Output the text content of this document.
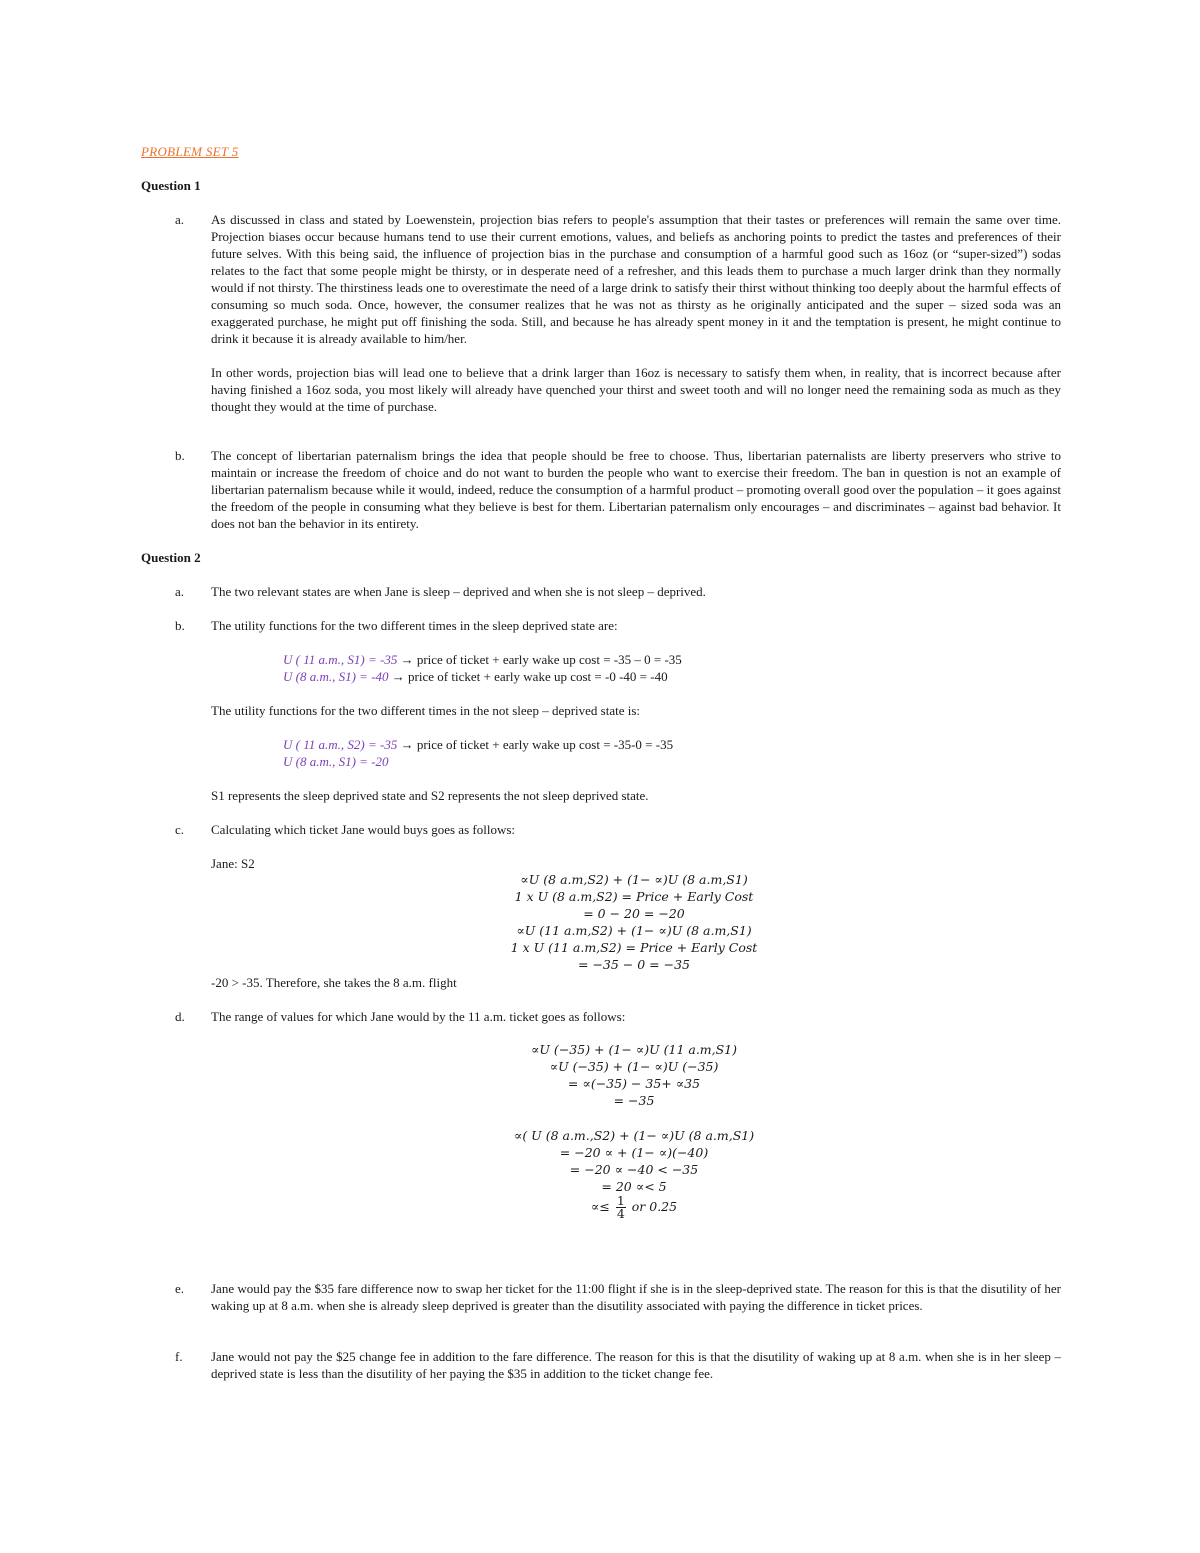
PROBLEM SET 5
Question 1
a. As discussed in class and stated by Loewenstein, projection bias refers to people's assumption that their tastes or preferences will remain the same over time. Projection biases occur because humans tend to use their current emotions, values, and beliefs as anchoring points to predict the tastes and preferences of their future selves. With this being said, the influence of projection bias in the purchase and consumption of a harmful good such as 16oz (or “super-sized”) sodas relates to the fact that some people might be thirsty, or in desperate need of a refresher, and this leads them to purchase a much larger drink than they normally would if not thirsty. The thirstiness leads one to overestimate the need of a large drink to satisfy their thirst without thinking too deeply about the harmful effects of consuming so much soda. Once, however, the consumer realizes that he was not as thirsty as he originally anticipated and the super – sized soda was an exaggerated purchase, he might put off finishing the soda. Still, and because he has already spent money in it and the temptation is present, he might continue to drink it because it is already available to him/her.

In other words, projection bias will lead one to believe that a drink larger than 16oz is necessary to satisfy them when, in reality, that is incorrect because after having finished a 16oz soda, you most likely will already have quenched your thirst and sweet tooth and will no longer need the remaining soda as much as they thought they would at the time of purchase.

b. The concept of libertarian paternalism brings the idea that people should be free to choose. Thus, libertarian paternalists are liberty preservers who strive to maintain or increase the freedom of choice and do not want to burden the people who want to exercise their freedom. The ban in question is not an example of libertarian paternalism because while it would, indeed, reduce the consumption of a harmful product – promoting overall good over the population – it goes against the freedom of the people in consuming what they believe is best for them. Libertarian paternalism only encourages – and discriminates – against bad behavior. It does not ban the behavior in its entirety.
Question 2
a. The two relevant states are when Jane is sleep – deprived and when she is not sleep – deprived.
b. The utility functions for the two different times in the sleep deprived state are:
U ( 11 a.m., S1) = -35 → price of ticket + early wake up cost = -35 – 0 = -35
U (8 a.m., S1) = -40 → price of ticket + early wake up cost = -0 -40 = -40
The utility functions for the two different times in the not sleep – deprived state is:
U ( 11 a.m., S2) = -35 → price of ticket + early wake up cost = -35-0 = -35
U (8 a.m., S1) = -20
S1 represents the sleep deprived state and S2 represents the not sleep deprived state.
c. Calculating which ticket Jane would buys goes as follows:
Jane: S2
∝U (8 a.m,S2) + (1− ∝)U (8 a.m,S1)
1 x U (8 a.m,S2) = Price + Early Cost
= 0 − 20 = −20
∝U (11 a.m,S2) + (1− ∝)U (8 a.m,S1)
1 x U (11 a.m,S2) = Price + Early Cost
= −35 − 0 = −35
-20 > -35. Therefore, she takes the 8 a.m. flight
d. The range of values for which Jane would by the 11 a.m. ticket goes as follows:
∝U (−35) + (1− ∝)U (11 a.m,S1)
∝U (−35) + (1− ∝)U (−35)
= ∝(−35) − 35+ ∝35
= −35
∝( U (8 a.m.,S2) + (1− ∝)U (8 a.m,S1)
= −20 ∝ + (1− ∝)(−40)
= −20 ∝ −40 < −35
= 20 ∝< 5
∝≤ $\frac{1}{4}$ or 0.25
e. Jane would pay the $35 fare difference now to swap her ticket for the 11:00 flight if she is in the sleep-deprived state. The reason for this is that the disutility of her waking up at 8 a.m. when she is already sleep deprived is greater than the disutility associated with paying the difference in ticket prices.
f. Jane would not pay the $25 change fee in addition to the fare difference. The reason for this is that the disutility of waking up at 8 a.m. when she is in her sleep – deprived state is less than the disutility of her paying the $35 in addition to the ticket change fee.
